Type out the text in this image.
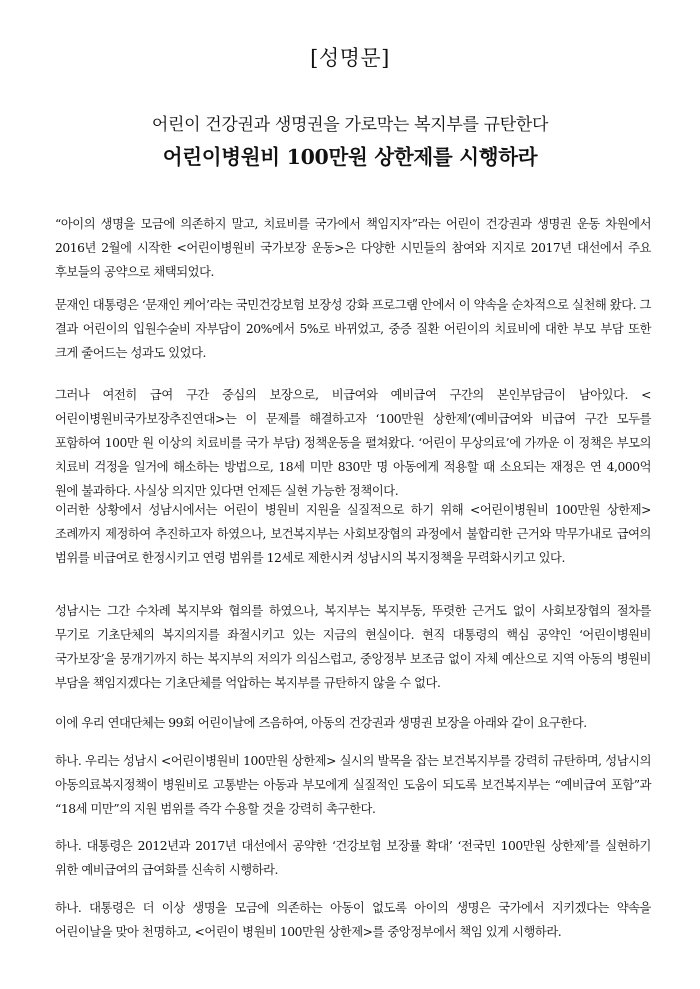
[성명문]
어린이 건강권과 생명권을 가로막는 복지부를 규탄한다
어린이병원비 100만원 상한제를 시행하라

“아이의 생명을 모금에 의존하지 말고, 치료비를 국가에서 책임지자”라는 어린이 건강권과 생명권 운동 차원에서 2016년 2월에 시작한 <어린이병원비 국가보장 운동>은 다양한 시민들의 참여와 지지로 2017년 대선에서 주요 후보들의 공약으로 채택되었다.

문재인 대통령은 ‘문재인 케어’라는 국민건강보험 보장성 강화 프로그램 안에서 이 약속을 순차적으로 실천해 왔다. 그 결과 어린이의 입원수술비 자부담이 20%에서 5%로 바뀌었고, 중증 질환 어린이의 치료비에 대한 부모 부담 또한 크게 줄어드는 성과도 있었다.

그러나 여전히 급여 구간 중심의 보장으로, 비급여와 예비급여 구간의 본인부담금이 남아있다. <어린이병원비국가보장추진연대>는 이 문제를 해결하고자 ‘100만원 상한제’(예비급여와 비급여 구간 모두를 포함하여 100만 원 이상의 치료비를 국가 부담) 정책운동을 펼쳐왔다. ‘어린이 무상의료’에 가까운 이 정책은 부모의 치료비 걱정을 일거에 해소하는 방법으로, 18세 미만 830만 명 아동에게 적용할 때 소요되는 재정은 연 4,000억 원에 불과하다. 사실상 의지만 있다면 언제든 실현 가능한 정책이다.

이러한 상황에서 성남시에서는 어린이 병원비 지원을 실질적으로 하기 위해 <어린이병원비 100만원 상한제> 조례까지 제정하여 추진하고자 하였으나, 보건복지부는 사회보장협의 과정에서 불합리한 근거와 막무가내로 급여의 범위를 비급여로 한정시키고 연령 범위를 12세로 제한시켜 성남시의 복지정책을 무력화시키고 있다.

성남시는 그간 수차례 복지부와 협의를 하였으나, 복지부는 복지부동, 뚜렷한 근거도 없이 사회보장협의 절차를 무기로 기초단체의 복지의지를 좌절시키고 있는 지금의 현실이다. 현직 대통령의 핵심 공약인 ‘어린이병원비 국가보장’을 뭉개기까지 하는 복지부의 저의가 의심스럽고, 중앙정부 보조금 없이 자체 예산으로 지역 아동의 병원비 부담을 책임지겠다는 기초단체를 억압하는 복지부를 규탄하지 않을 수 없다.

이에 우리 연대단체는 99회 어린이날에 즈음하여, 아동의 건강권과 생명권 보장을 아래와 같이 요구한다.

하나. 우리는 성남시 <어린이병원비 100만원 상한제> 실시의 발목을 잡는 보건복지부를 강력히 규탄하며, 성남시의 아동의료복지정책이 병원비로 고통받는 아동과 부모에게 실질적인 도움이 되도록 보건복지부는 “예비급여 포함”과 “18세 미만”의 지원 범위를 즉각 수용할 것을 강력히 촉구한다.

하나. 대통령은 2012년과 2017년 대선에서 공약한 ‘건강보험 보장률 확대’ ‘전국민 100만원 상한제’를 실현하기 위한 예비급여의 급여화를 신속히 시행하라.

하나. 대통령은 더 이상 생명을 모금에 의존하는 아동이 없도록 아이의 생명은 국가에서 지키겠다는 약속을 어린이날을 맞아 천명하고, <어린이 병원비 100만원 상한제>를 중앙정부에서 책임 있게 시행하라.
